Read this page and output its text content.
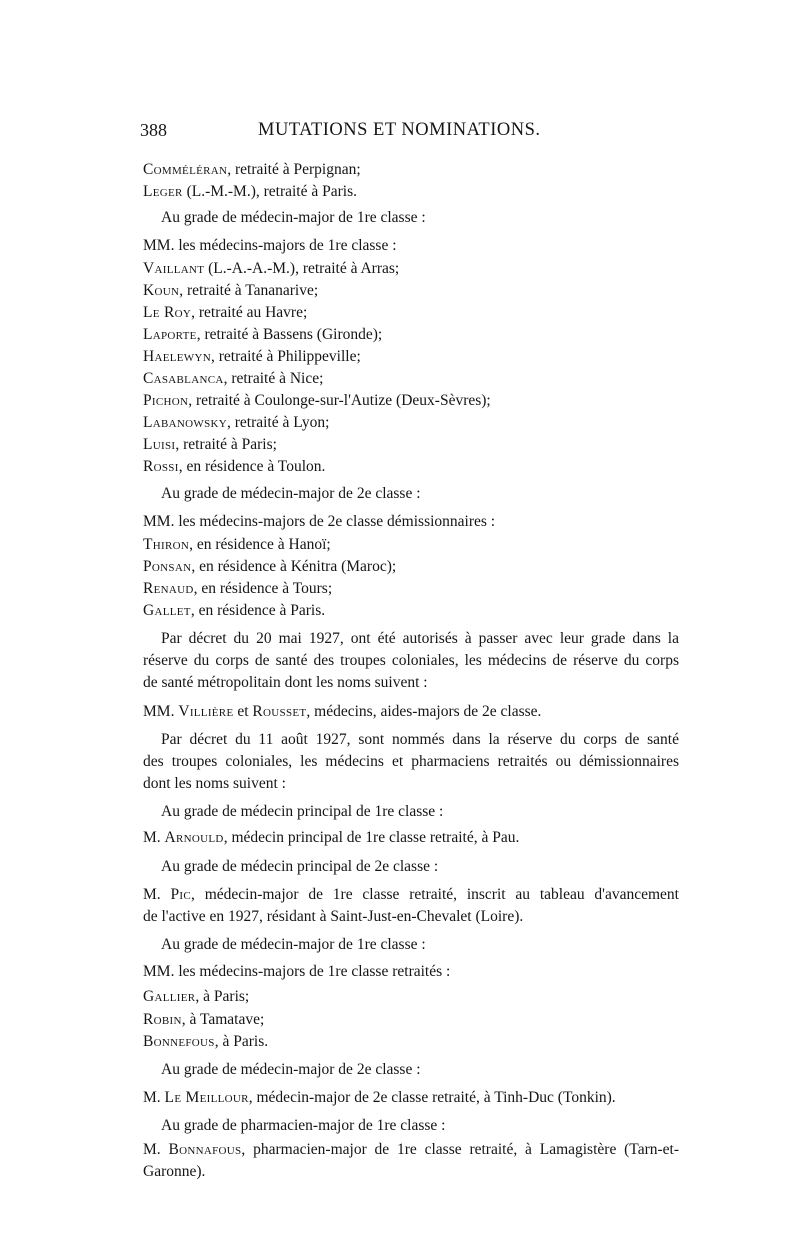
388	MUTATIONS ET NOMINATIONS.
Comméléran, retraité à Perpignan;
Leger (L.-M.-M.), retraité à Paris.
Au grade de médecin-major de 1re classe :
MM. les médecins-majors de 1re classe :
Vaillant (L.-A.-A.-M.), retraité à Arras;
Koun, retraité à Tananarive;
Le Roy, retraité au Havre;
Laporte, retraité à Bassens (Gironde);
Haelewyn, retraité à Philippeville;
Casablanca, retraité à Nice;
Pichon, retraité à Coulonge-sur-l'Autize (Deux-Sèvres);
Labanowsky, retraité à Lyon;
Luisi, retraité à Paris;
Rossi, en résidence à Toulon.
Au grade de médecin-major de 2e classe :
MM. les médecins-majors de 2e classe démissionnaires :
Thiron, en résidence à Hanoï;
Ponsan, en résidence à Kénitra (Maroc);
Renaud, en résidence à Tours;
Gallet, en résidence à Paris.
Par décret du 20 mai 1927, ont été autorisés à passer avec leur grade dans la
réserve du corps de santé des troupes coloniales, les médecins de réserve du corps
de santé métropolitain dont les noms suivent :
MM. Villière et Rousset, médecins, aides-majors de 2e classe.
Par décret du 11 août 1927, sont nommés dans la réserve du corps de santé
des troupes coloniales, les médecins et pharmaciens retraités ou démissionnaires
dont les noms suivent :
Au grade de médecin principal de 1re classe :
M. Arnould, médecin principal de 1re classe retraité, à Pau.
Au grade de médecin principal de 2e classe :
M. Pic, médecin-major de 1re classe retraité, inscrit au tableau d'avancement
de l'active en 1927, résidant à Saint-Just-en-Chevalet (Loire).
Au grade de médecin-major de 1re classe :
MM. les médecins-majors de 1re classe retraités :
Gallier, à Paris;
Robin, à Tamatave;
Bonnefous, à Paris.
Au grade de médecin-major de 2e classe :
M. Le Meillour, médecin-major de 2e classe retraité, à Tinh-Duc (Tonkin).
Au grade de pharmacien-major de 1re classe :
M. Bonnafous, pharmacien-major de 1re classe retraité, à Lamagistère (Tarn-et-
Garonne).
